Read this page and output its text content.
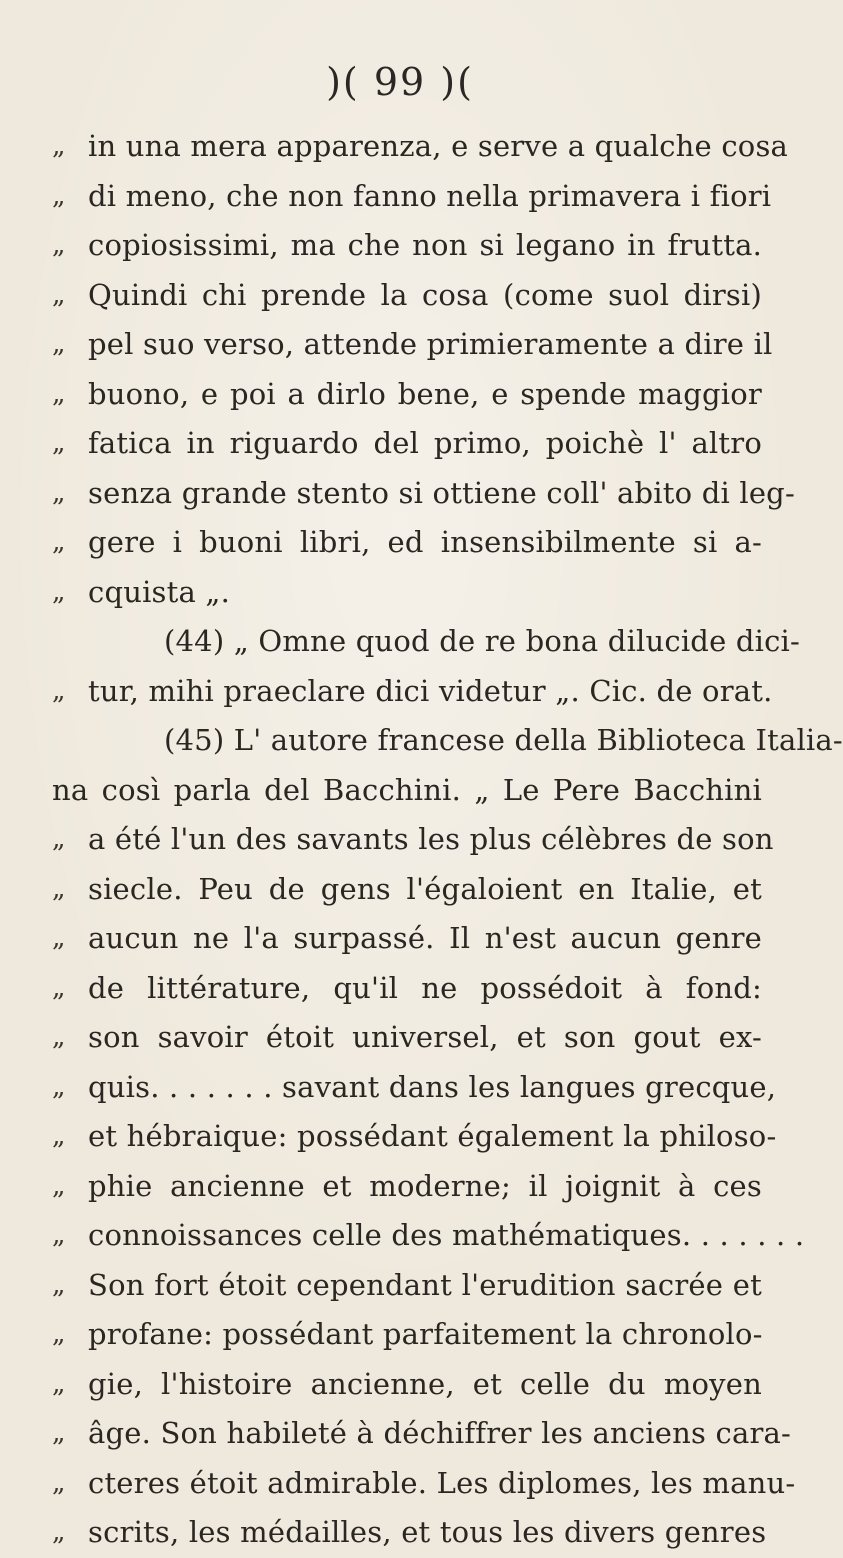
)( 99 )(
„ in una mera apparenza, e serve a qualche cosa
„ di meno, che non fanno nella primavera i fiori
„ copiosissimi, ma che non si legano in frutta.
„ Quindi chi prende la cosa (come suol dirsi)
„ pel suo verso, attende primieramente a dire il
„ buono, e poi a dirlo bene, e spende maggior
„ fatica in riguardo del primo, poichè l' altro
„ senza grande stento si ottiene coll' abito di leg-
„ gere i buoni libri, ed insensibilmente si a-
„ cquista „.
(44) „ Omne quod de re bona dilucide dici-
„ tur, mihi praeclare dici videtur „. Cic. de orat.
(45) L' autore francese della Biblioteca Italia-
na così parla del Bacchini. „ Le Pere Bacchini
„ a été l'un des savants les plus célèbres de son
„ siecle. Peu de gens l'égaloient en Italie, et
„ aucun ne l'a surpassé. Il n'est aucun genre
„ de littérature, qu'il ne possédoit à fond:
„ son savoir étoit universel, et son gout ex-
„ quis. . . . . . . savant dans les langues grecque,
„ et hébraique: possédant également la philoso-
„ phie ancienne et moderne; il joignit à ces
„ connoissances celle des mathématiques. . . . . . .
„ Son fort étoit cependant l'erudition sacrée et
„ profane: possédant parfaitement la chronolo-
„ gie, l'histoire ancienne, et celle du moyen
„ âge. Son habileté à déchiffrer les anciens cara-
„ cteres étoit admirable. Les diplomes, les manu-
„ scrits, les médailles, et tous les divers genres
